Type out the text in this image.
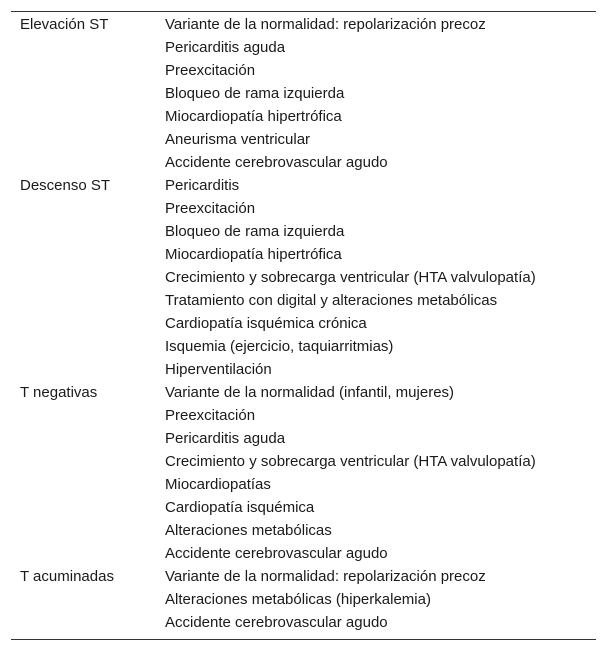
Elevación ST	Variante de la normalidad: repolarización precoz
Pericarditis aguda
Preexcitación
Bloqueo de rama izquierda
Miocardiopatía hipertrófica
Aneurisma ventricular
Accidente cerebrovascular agudo
Descenso ST	Pericarditis
Preexcitación
Bloqueo de rama izquierda
Miocardiopatía hipertrófica
Crecimiento y sobrecarga ventricular (HTA valvulopatía)
Tratamiento con digital y alteraciones metabólicas
Cardiopatía isquémica crónica
Isquemia (ejercicio, taquiarritmias)
Hiperventilación
T negativas	Variante de la normalidad (infantil, mujeres)
Preexcitación
Pericarditis aguda
Crecimiento y sobrecarga ventricular (HTA valvulopatía)
Miocardiopatías
Cardiopatía isquémica
Alteraciones metabólicas
Accidente cerebrovascular agudo
T acuminadas	Variante de la normalidad: repolarización precoz
Alteraciones metabólicas (hiperkalemia)
Accidente cerebrovascular agudo
